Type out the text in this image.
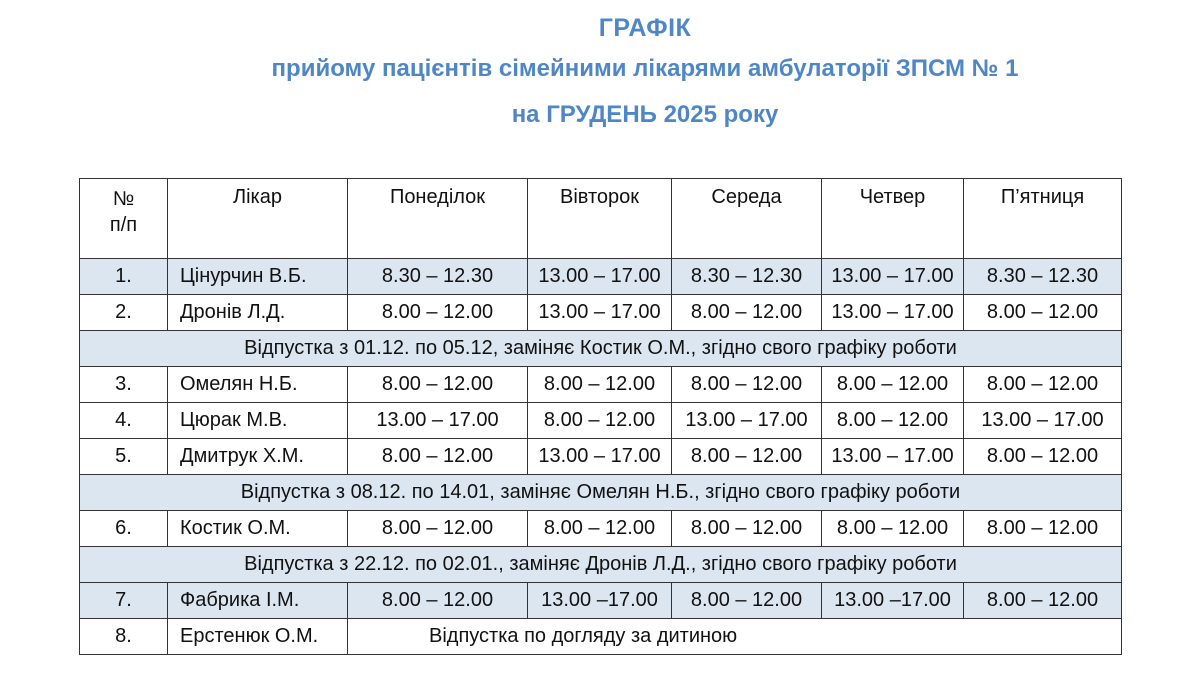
ГРАФІК
прийому пацієнтів сімейними лікарями амбулаторії ЗПСМ № 1
на ГРУДЕНЬ 2025 року
№
п/п	Лікар	Понеділок	Вівторок	Середа	Четвер	П’ятниця
1.	Цінурчин В.Б.	8.30 – 12.30	13.00 – 17.00	8.30 – 12.30	13.00 – 17.00	8.30 – 12.30
2.	Дронів Л.Д.	8.00 – 12.00	13.00 – 17.00	8.00 – 12.00	13.00 – 17.00	8.00 – 12.00
Відпустка з 01.12. по 05.12, заміняє Костик О.М., згідно свого графіку роботи						
3.	Омелян Н.Б.	8.00 – 12.00	8.00 – 12.00	8.00 – 12.00	8.00 – 12.00	8.00 – 12.00
4.	Цюрак М.В.	13.00 – 17.00	8.00 – 12.00	13.00 – 17.00	8.00 – 12.00	13.00 – 17.00
5.	Дмитрук Х.М.	8.00 – 12.00	13.00 – 17.00	8.00 – 12.00	13.00 – 17.00	8.00 – 12.00
Відпустка з 08.12. по 14.01, заміняє Омелян Н.Б., згідно свого графіку роботи						
6.	Костик О.М.	8.00 – 12.00	8.00 – 12.00	8.00 – 12.00	8.00 – 12.00	8.00 – 12.00
Відпустка з 22.12. по 02.01., заміняє Дронів Л.Д., згідно свого графіку роботи						
7.	Фабрика І.М.	8.00 – 12.00	13.00 –17.00	8.00 – 12.00	13.00 –17.00	8.00 – 12.00
8.	Ерстенюк О.М.	Відпустка по догляду за дитиною				
